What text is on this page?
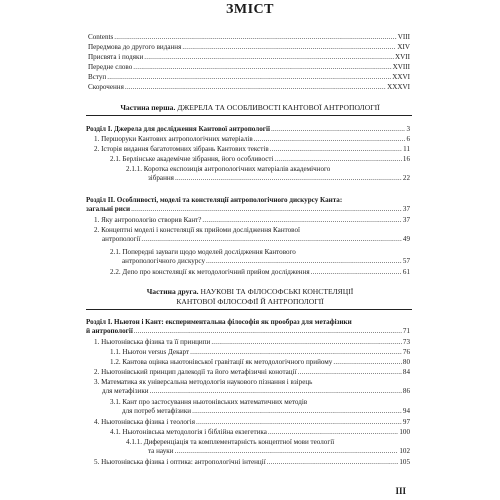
ЗМІСТ
Contents .....	VIII
Передмова до другого видання .....	XIV
Присвята і подяки .....	XVII
Передне слово .....	XVIII
Вступ .....	XXVI
Скорочення .....	XXXVI
Частина перша. ДЖЕРЕЛА ТА ОСОБЛИВОСТІ КАНТОВОЇ АНТРОПОЛОГІЇ
Розділ І. Джерела для дослідження Кантової антропології .....	3
1. Першоруки Кантових антропологічних матеріалів .....	6
2. Історія видання багатотомних зібрань Кантових текстів .....	11
2.1. Берлінське академічне зібрання, його особливості .....	16
2.1.1. Коротка експозиція антропологічних матеріалів академічного
зібрання .....	22
Розділ ІІ. Особливості, моделі та констеляції антропологічного дискурсу Канта:
загальні риси .....	37
1. Яку антропологію створив Кант? .....	37
2. Концептні моделі і констеляції як прийоми дослідження Кантової
антропології .....	49
2.1. Попередні зауваги щодо моделей дослідження Кантового
антропологічного дискурсу .....	57
2.2. Депо про констеляції як методологічний прийом дослідження .....	61
Частина друга. НАУКОВІ ТА ФІЛОСОФСЬКІ КОНСТЕЛЯЦІЇ
КАНТОВОЇ ФІЛОСОФІЇ Й АНТРОПОЛОГІЇ
Розділ І. Ньютон і Кант: експериментальна філософія як прообраз для метафізики
й антропології .....	71
1. Ньютонівська фізика та її принципи .....	73
1.1. Ньютон versus Декарт .....	76
1.2. Кантова оцінка ньютонівської гравітації як методологічного прийому .....	80
2. Ньютонівський принцип далекодії та його метафізичні конотації .....	84
3. Математика як універсальна методологія наукового пізнання і взірець
для метафізики .....	86
3.1. Кант про застосування ньютонівських математичних методів
для потреб метафізики .....	94
4. Ньютонівська фізика і теологія .....	97
4.1. Ньютонівська методологія і біблійна екзегетика .....	100
4.1.1. Диференціація та комплементарність концептної мови теології
та науки .....	102
5. Ньютонівська фізика і оптика: антропологічні інтенції .....	105
III
